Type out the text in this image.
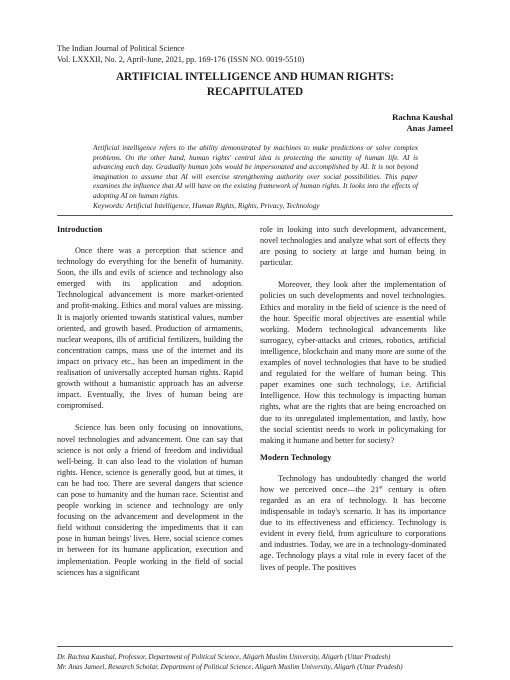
The Indian Journal of Political Science
Vol. LXXXII, No. 2, April-June, 2021, pp. 169-176 (ISSN NO. 0019-5510)
ARTIFICIAL INTELLIGENCE AND HUMAN RIGHTS:
RECAPITULATED
Rachna Kaushal
Anas Jameel
Artificial intelligence refers to the ability demonstrated by machines to make predictions or solve complex problems. On the other hand, human rights' central idea is protecting the sanctity of human life. AI is advancing each day. Gradually human jobs would be impersonated and accomplished by AI. It is not beyond imagination to assume that AI will exercise strengthening authority over social possibilities. This paper examines the influence that AI will have on the existing framework of human rights. It looks into the effects of adopting AI on human rights.
Keywords: Artificial Intelligence, Human Rights, Rights, Privacy, Technology
Introduction

Once there was a perception that science and technology do everything for the benefit of humanity. Soon, the ills and evils of science and technology also emerged with its application and adoption. Technological advancement is more market-oriented and profit-making. Ethics and moral values are missing. It is majorly oriented towards statistical values, number oriented, and growth based. Production of armaments, nuclear weapons, ills of artificial fertilizers, building the concentration camps, mass use of the internet and its impact on privacy etc., has been an impediment in the realisation of universally accepted human rights. Rapid growth without a humanistic approach has an adverse impact. Eventually, the lives of human being are compromised.

Science has been only focusing on innovations, novel technologies and advancement. One can say that science is not only a friend of freedom and individual well-being. It can also lead to the violation of human rights. Hence, science is generally good, but at times, it can be bad too. There are several dangers that science can pose to humanity and the human race. Scientist and people working in science and technology are only focusing on the advancement and development in the field without considering the impediments that it can pose in human beings' lives. Here, social science comes in between for its humane application, execution and implementation. People working in the field of social sciences has a significant

role in looking into such development, advancement, novel technologies and analyze what sort of effects they are posing to society at large and human being in particular.

Moreover, they look after the implementation of policies on such developments and novel technologies. Ethics and morality in the field of science is the need of the hour. Specific moral objectives are essential while working. Modern technological advancements like surrogacy, cyber-attacks and crimes, robotics, artificial intelligence, blockchain and many more are some of the examples of novel technologies that have to be studied and regulated for the welfare of human being. This paper examines one such technology, i.e. Artificial Intelligence. How this technology is impacting human rights, what are the rights that are being encroached on due to its unregulated implementation, and lastly, how the social scientist needs to work in policymaking for making it humane and better for society?

Modern Technology

Technology has undoubtedly changed the world how we perceived once—the 21st century is often regarded as an era of technology. It has become indispensable in today's scenario. It has its importance due to its effectiveness and efficiency. Technology is evident in every field, from agriculture to corporations and industries. Today, we are in a technology-dominated age. Technology plays a vital role in every facet of the lives of people. The positives

Dr. Rachna Kaushal, Professor, Department of Political Science, Aligarh Muslim University, Aligarh (Uttar Pradesh)
Mr. Anas Jameel, Research Scholar, Department of Political Science, Aligarh Muslim University, Aligarh (Uttar Pradesh)
